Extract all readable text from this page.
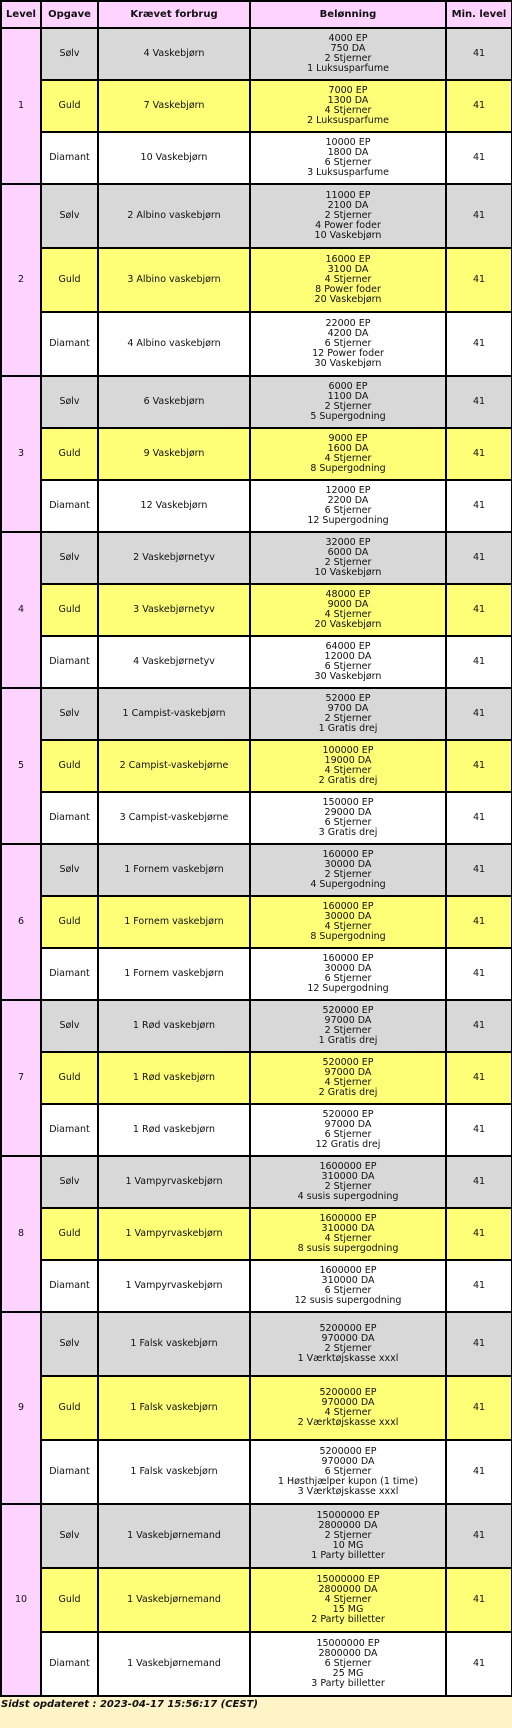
Level	Opgave	Krævet forbrug	Belønning	Min. level
1	Sølv	4 Vaskebjørn	4000 EP
750 DA
2 Stjerner
1 Luksusparfume	41
	Guld	7 Vaskebjørn	7000 EP
1300 DA
4 Stjerner
2 Luksusparfume	41
	Diamant	10 Vaskebjørn	10000 EP
1800 DA
6 Stjerner
3 Luksusparfume	41
2	Sølv	2 Albino vaskebjørn	11000 EP
2100 DA
2 Stjerner
4 Power foder
10 Vaskebjørn	41
	Guld	3 Albino vaskebjørn	16000 EP
3100 DA
4 Stjerner
8 Power foder
20 Vaskebjørn	41
	Diamant	4 Albino vaskebjørn	22000 EP
4200 DA
6 Stjerner
12 Power foder
30 Vaskebjørn	41
3	Sølv	6 Vaskebjørn	6000 EP
1100 DA
2 Stjerner
5 Supergodning	41
	Guld	9 Vaskebjørn	9000 EP
1600 DA
4 Stjerner
8 Supergodning	41
	Diamant	12 Vaskebjørn	12000 EP
2200 DA
6 Stjerner
12 Supergodning	41
4	Sølv	2 Vaskebjørnetyv	32000 EP
6000 DA
2 Stjerner
10 Vaskebjørn	41
	Guld	3 Vaskebjørnetyv	48000 EP
9000 DA
4 Stjerner
20 Vaskebjørn	41
	Diamant	4 Vaskebjørnetyv	64000 EP
12000 DA
6 Stjerner
30 Vaskebjørn	41
5	Sølv	1 Campist-vaskebjørn	52000 EP
9700 DA
2 Stjerner
1 Gratis drej	41
	Guld	2 Campist-vaskebjørne	100000 EP
19000 DA
4 Stjerner
2 Gratis drej	41
	Diamant	3 Campist-vaskebjørne	150000 EP
29000 DA
6 Stjerner
3 Gratis drej	41
6	Sølv	1 Fornem vaskebjørn	160000 EP
30000 DA
2 Stjerner
4 Supergodning	41
	Guld	1 Fornem vaskebjørn	160000 EP
30000 DA
4 Stjerner
8 Supergodning	41
	Diamant	1 Fornem vaskebjørn	160000 EP
30000 DA
6 Stjerner
12 Supergodning	41
7	Sølv	1 Rød vaskebjørn	520000 EP
97000 DA
2 Stjerner
1 Gratis drej	41
	Guld	1 Rød vaskebjørn	520000 EP
97000 DA
4 Stjerner
2 Gratis drej	41
	Diamant	1 Rød vaskebjørn	520000 EP
97000 DA
6 Stjerner
12 Gratis drej	41
8	Sølv	1 Vampyrvaskebjørn	1600000 EP
310000 DA
2 Stjerner
4 susis supergodning	41
	Guld	1 Vampyrvaskebjørn	1600000 EP
310000 DA
4 Stjerner
8 susis supergodning	41
	Diamant	1 Vampyrvaskebjørn	1600000 EP
310000 DA
6 Stjerner
12 susis supergodning	41
9	Sølv	1 Falsk vaskebjørn	5200000 EP
970000 DA
2 Stjerner
1 Værktøjskasse xxxl	41
	Guld	1 Falsk vaskebjørn	5200000 EP
970000 DA
4 Stjerner
2 Værktøjskasse xxxl	41
	Diamant	1 Falsk vaskebjørn	5200000 EP
970000 DA
6 Stjerner
1 Høsthjælper kupon (1 time)
3 Værktøjskasse xxxl	41
10	Sølv	1 Vaskebjørnemand	15000000 EP
2800000 DA
2 Stjerner
10 MG
1 Party billetter	41
	Guld	1 Vaskebjørnemand	15000000 EP
2800000 DA
4 Stjerner
15 MG
2 Party billetter	41
	Diamant	1 Vaskebjørnemand	15000000 EP
2800000 DA
6 Stjerner
25 MG
3 Party billetter	41
Sidst opdateret : 2023-04-17 15:56:17 (CEST)
